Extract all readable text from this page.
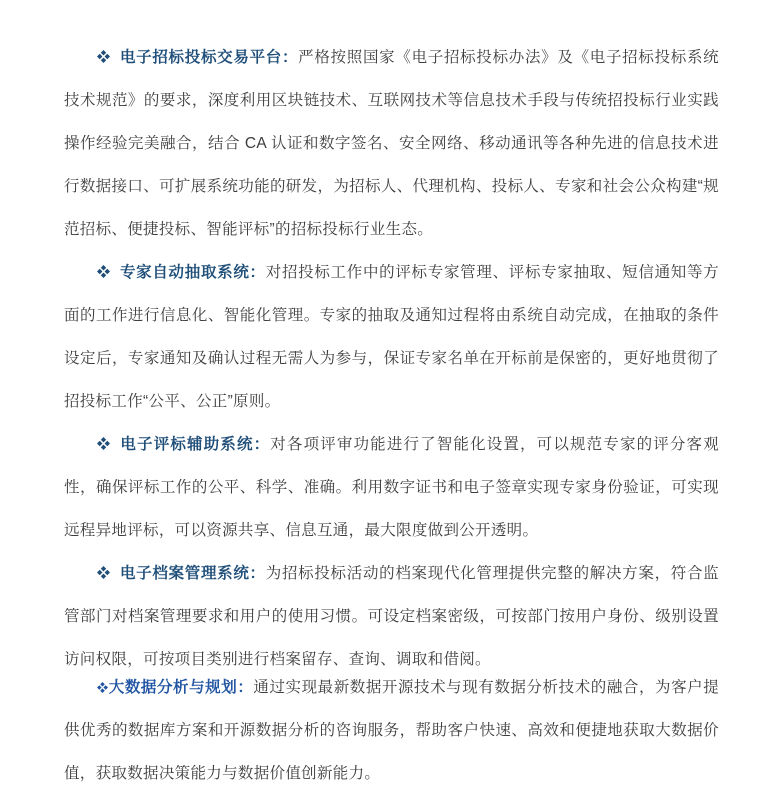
电子招标投标交易平台：严格按照国家《电子招标投标办法》及《电子招标投标系统技术规范》的要求，深度利用区块链技术、互联网技术等信息技术手段与传统招投标行业实践操作经验完美融合，结合 CA 认证和数字签名、安全网络、移动通讯等各种先进的信息技术进行数据接口、可扩展系统功能的研发，为招标人、代理机构、投标人、专家和社会公众构建“规范招标、便捷投标、智能评标”的招标投标行业生态。

专家自动抽取系统：对招投标工作中的评标专家管理、评标专家抽取、短信通知等方面的工作进行信息化、智能化管理。专家的抽取及通知过程将由系统自动完成，在抽取的条件设定后，专家通知及确认过程无需人为参与，保证专家名单在开标前是保密的，更好地贯彻了招投标工作“公平、公正”原则。

电子评标辅助系统：对各项评审功能进行了智能化设置，可以规范专家的评分客观性，确保评标工作的公平、科学、准确。利用数字证书和电子签章实现专家身份验证，可实现远程异地评标，可以资源共享、信息互通，最大限度做到公开透明。

电子档案管理系统：为招标投标活动的档案现代化管理提供完整的解决方案，符合监管部门对档案管理要求和用户的使用习惯。可设定档案密级，可按部门按用户身份、级别设置访问权限，可按项目类别进行档案留存、查询、调取和借阅。

大数据分析与规划：通过实现最新数据开源技术与现有数据分析技术的融合，为客户提供优秀的数据库方案和开源数据分析的咨询服务，帮助客户快速、高效和便捷地获取大数据价值，获取数据决策能力与数据价值创新能力。
